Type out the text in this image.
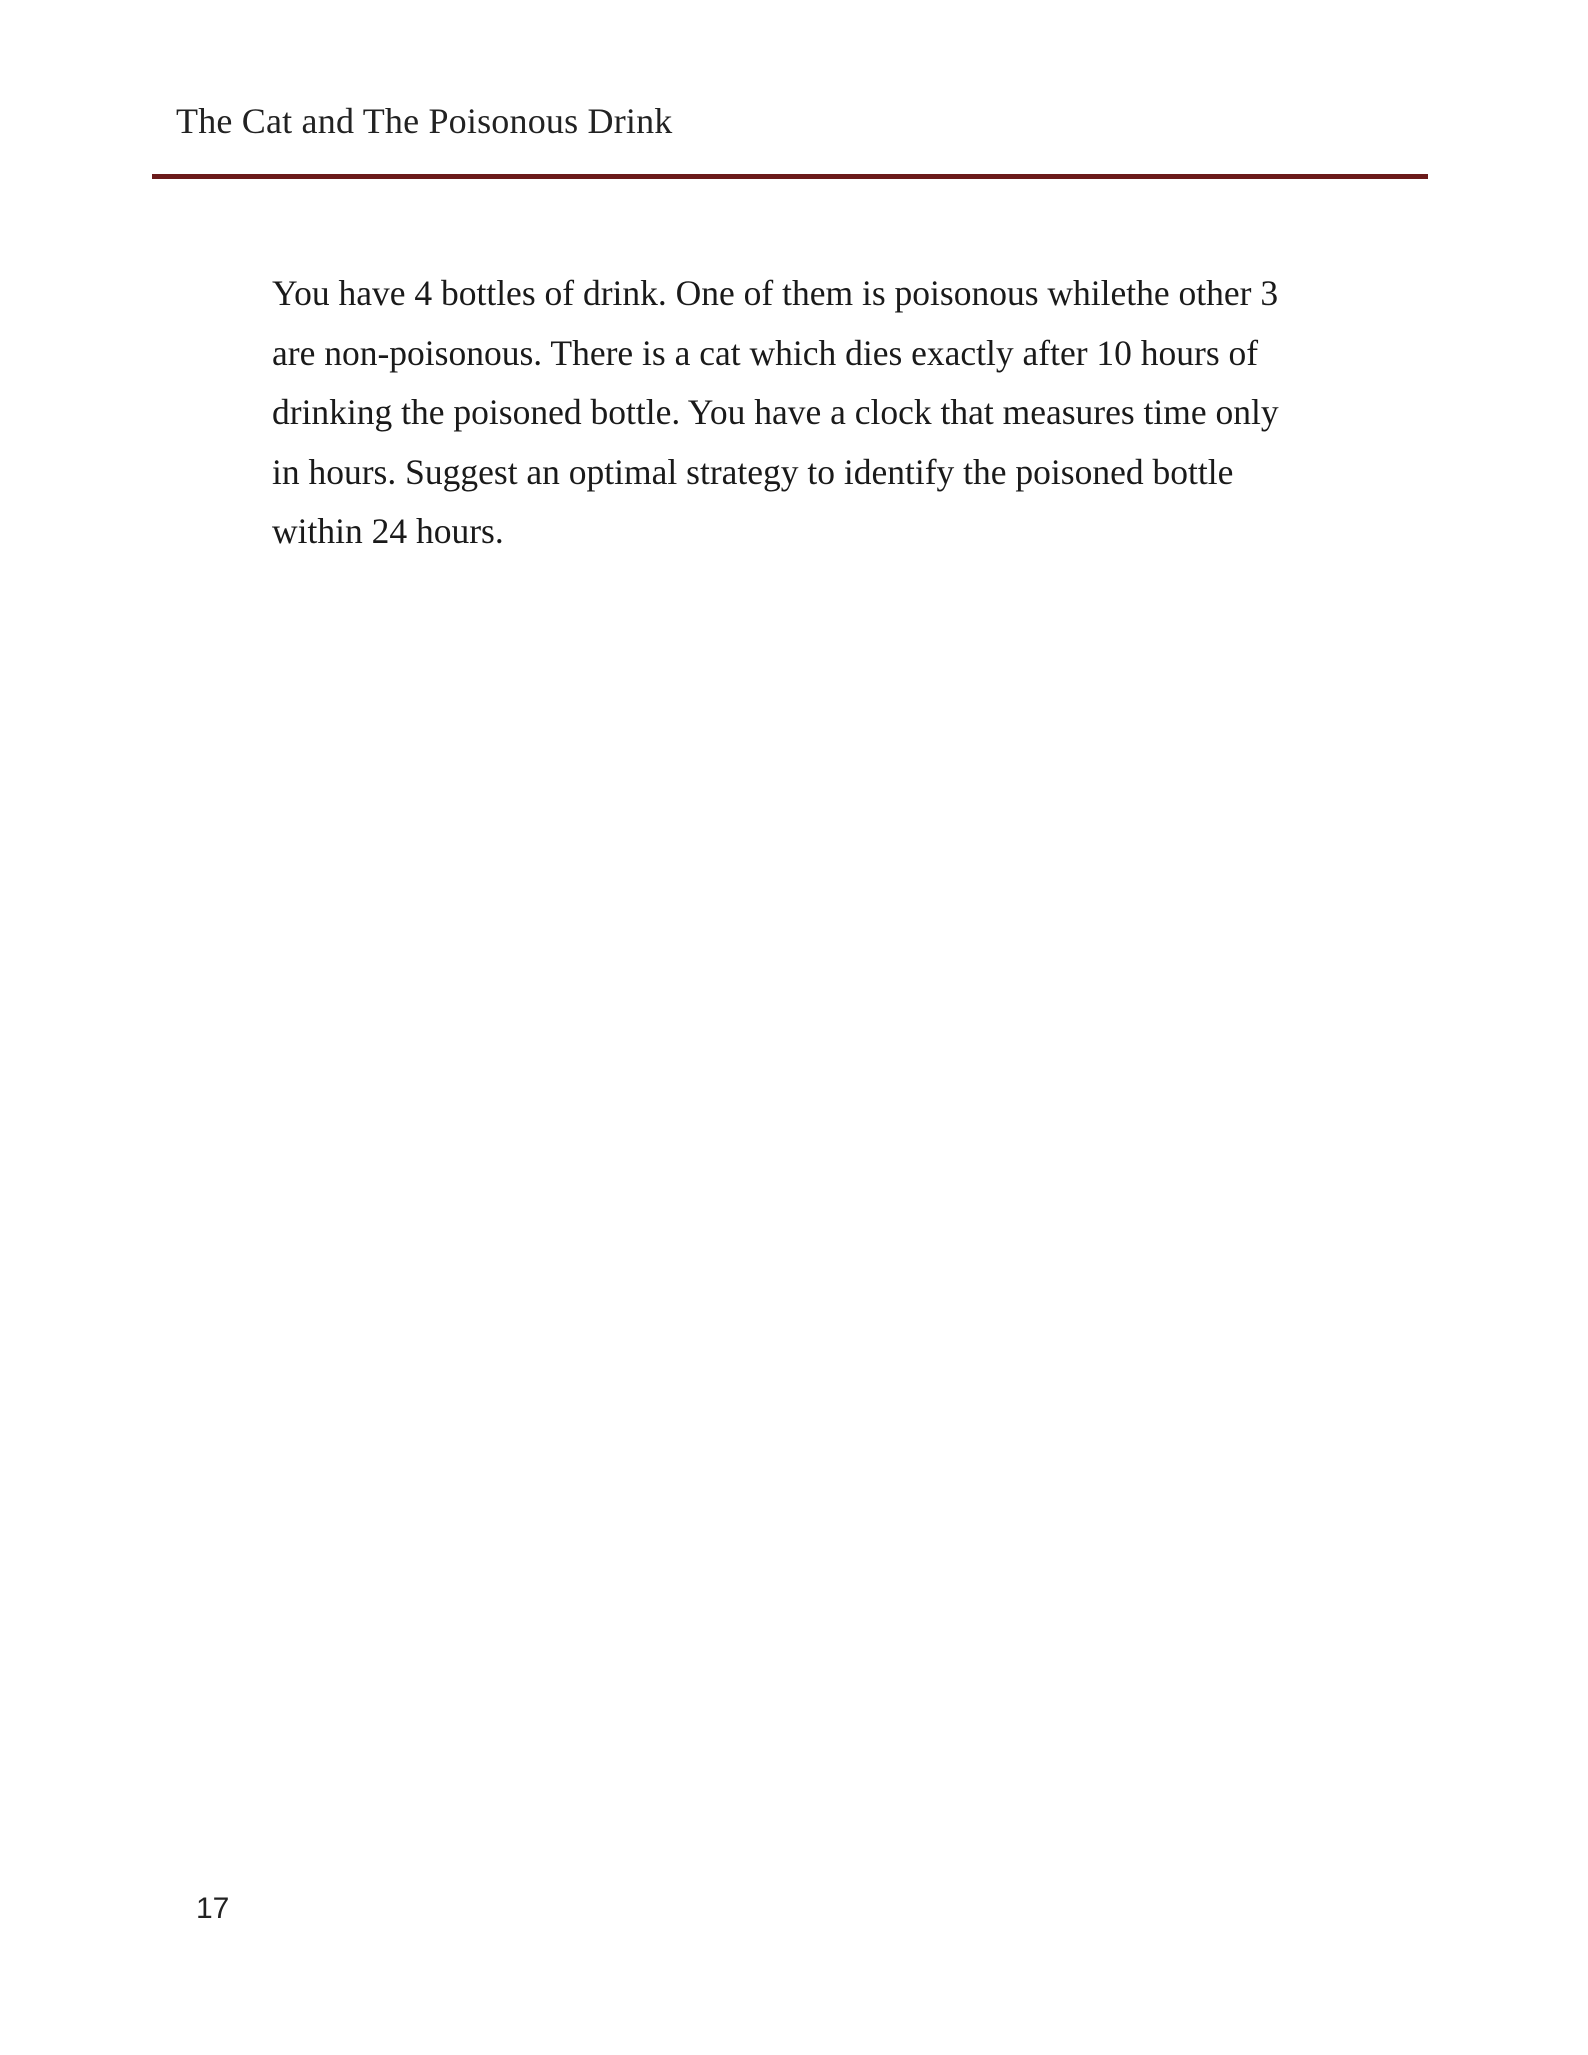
The Cat and The Poisonous Drink
You have 4 bottles of drink. One of them is poisonous whilethe other 3
are non-poisonous. There is a cat which dies exactly after 10 hours of
drinking the poisoned bottle. You have a clock that measures time only
in hours. Suggest an optimal strategy to identify the poisoned bottle
within 24 hours.
17
